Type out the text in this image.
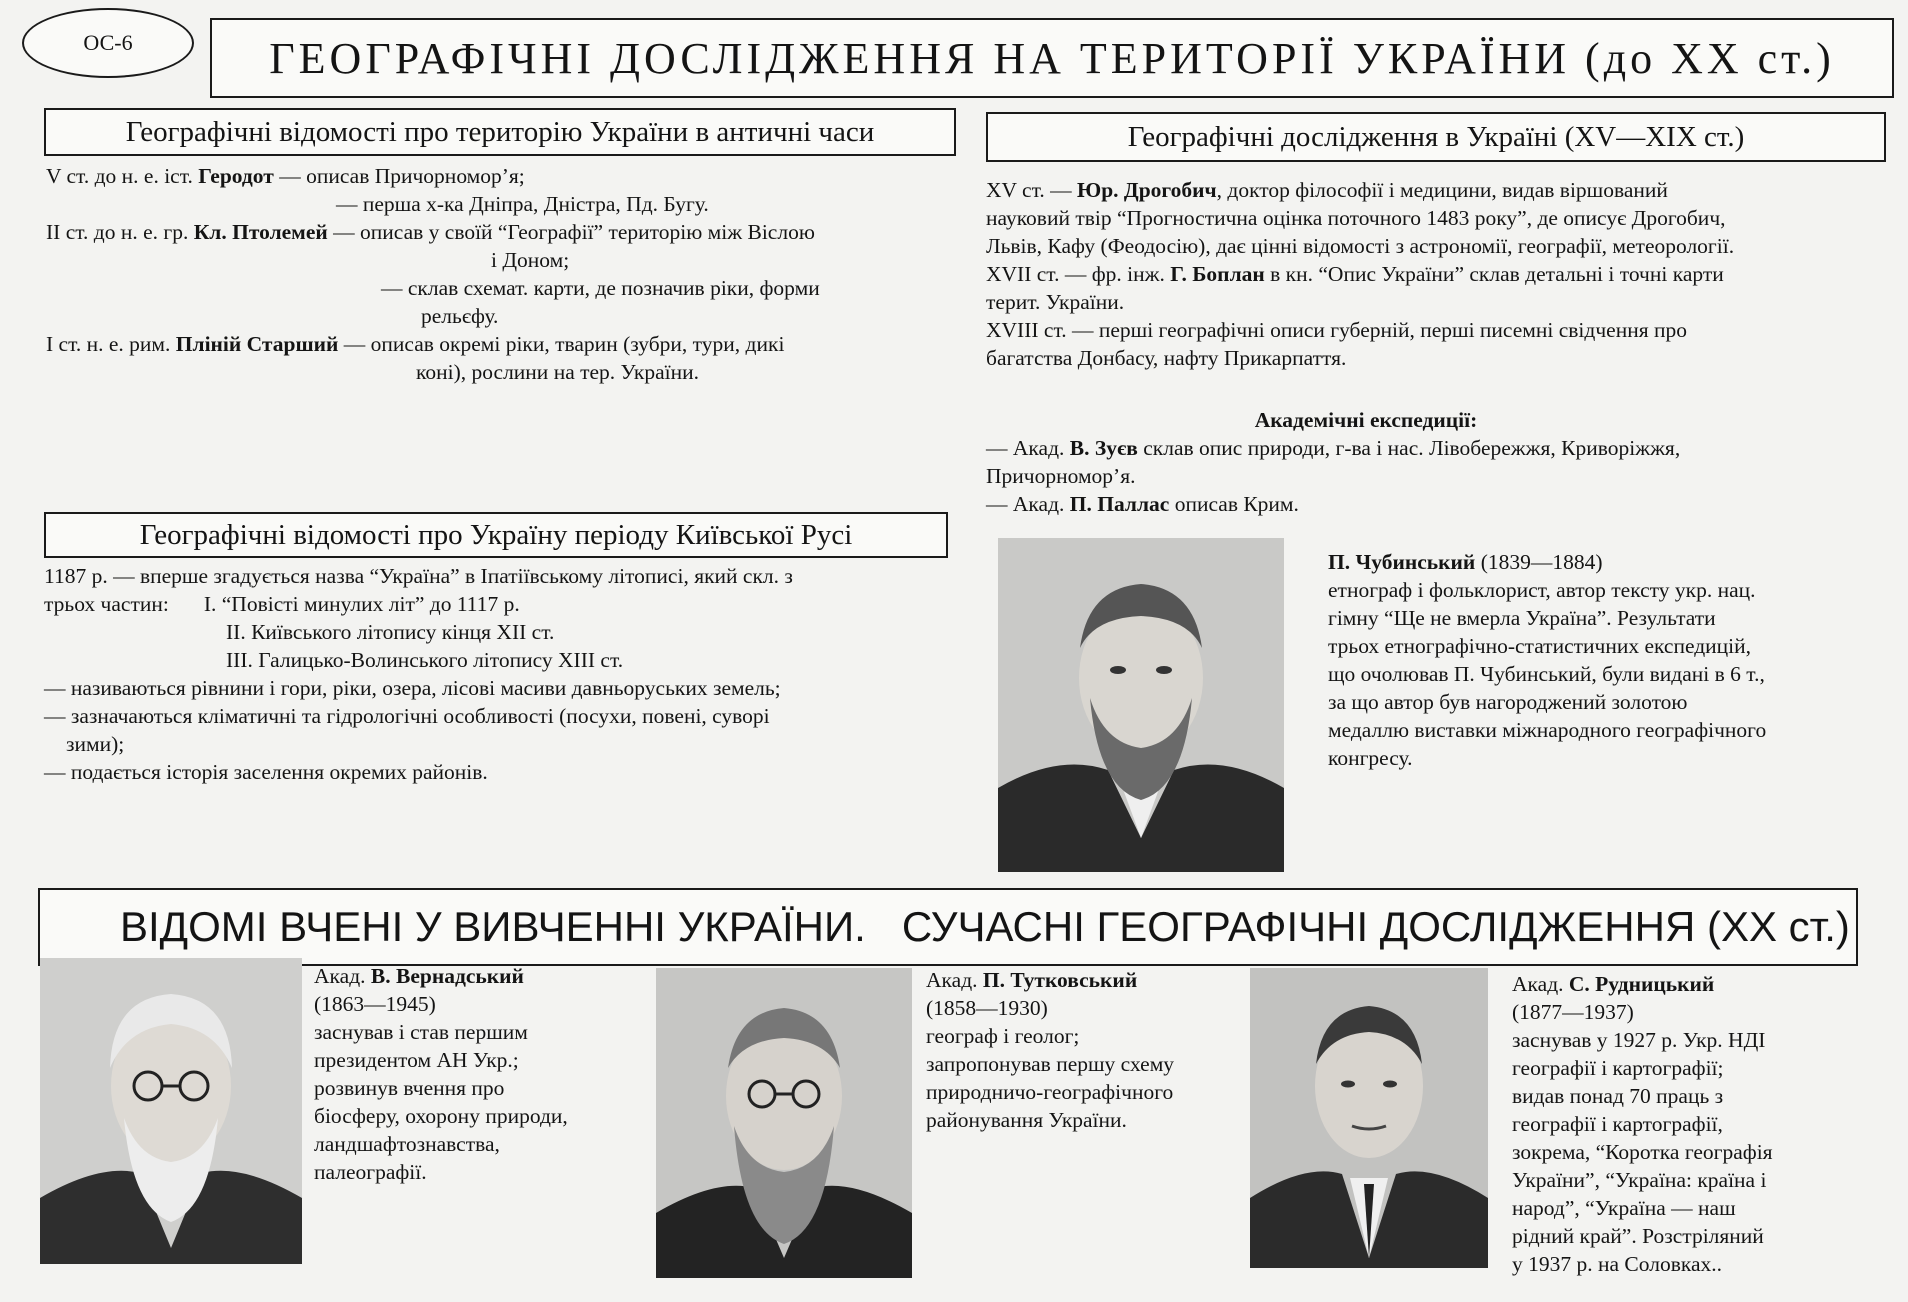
ОС-6	ГЕОГРАФІЧНІ ДОСЛІДЖЕННЯ НА ТЕРИТОРІЇ УКРАЇНИ (до XX ст.)
Географічні відомості про територію України в античні часи

V ст. до н. е. іст. Геродот — описав Причорномор’я;

— перша х-ка Дніпра, Дністра, Пд. Бугу.

II ст. до н. е. гр. Кл. Птолемей — описав у своїй “Географії” територію між Віслою

і Доном;

— склав схемат. карти, де позначив ріки, форми

рельєфу.

I ст. н. е. рим. Пліній Старший — описав окремі ріки, тварин (зубри, тури, дикі

коні), рослини на тер. України.

Географічні відомості про Україну періоду Київської Русі

1187 р. — вперше згадується назва “Україна” в Іпатіївському літописі, який скл. з

трьох частин: I. “Повісті минулих літ” до 1117 р.

II. Київського літопису кінця XII ст.

III. Галицько-Волинського літопису XIII ст.

— називаються рівнини і гори, ріки, озера, лісові масиви давньоруських земель;

— зазначаються кліматичні та гідрологічні особливості (посухи, повені, суворі

зими);

— подається історія заселення окремих районів.

Географічні дослідження в Україні (XV—XIX ст.)

XV ст. — Юр. Дрогобич, доктор філософії і медицини, видав віршований

науковий твір “Прогностична оцінка поточного 1483 року”, де описує Дрогобич,

Львів, Кафу (Феодосію), дає цінні відомості з астрономії, географії, метеорології.

XVII ст. — фр. інж. Г. Боплан в кн. “Опис України” склав детальні і точні карти

терит. України.

XVIII ст. — перші географічні описи губерній, перші писемні свідчення про

багатства Донбасу, нафту Прикарпаття.

Академічні експедиції:

— Акад. В. Зуєв склав опис природи, г-ва і нас. Лівобережжя, Криворіжжя,

Причорномор’я.

— Акад. П. Паллас описав Крим.

П. Чубинський (1839—1884)

етнограф і фольклорист, автор тексту укр. нац.

гімну “Ще не вмерла Україна”. Результати

трьох етнографічно-статистичних експедицій,

що очолював П. Чубинський, були видані в 6 т.,

за що автор був нагороджений золотою

медаллю виставки міжнародного географічного

конгресу.

ВІДОМІ ВЧЕНІ У ВИВЧЕННІ УКРАЇНИ. СУЧАСНІ ГЕОГРАФІЧНІ ДОСЛІДЖЕННЯ (XX ст.)

Акад. В. Вернадський

(1863—1945)

заснував і став першим

президентом АН Укр.;

розвинув вчення про

біосферу, охорону природи,

ландшафтознавства,

палеографії.

Акад. П. Тутковський

(1858—1930)

географ і геолог;

запропонував першу схему

природничо-географічного

районування України.

Акад. С. Рудницький

(1877—1937)

заснував у 1927 р. Укр. НДІ

географії і картографії;

видав понад 70 праць з

географії і картографії,

зокрема, “Коротка географія

України”, “Україна: країна і

народ”, “Україна — наш

рідний край”. Розстріляний

у 1937 р. на Соловках..
